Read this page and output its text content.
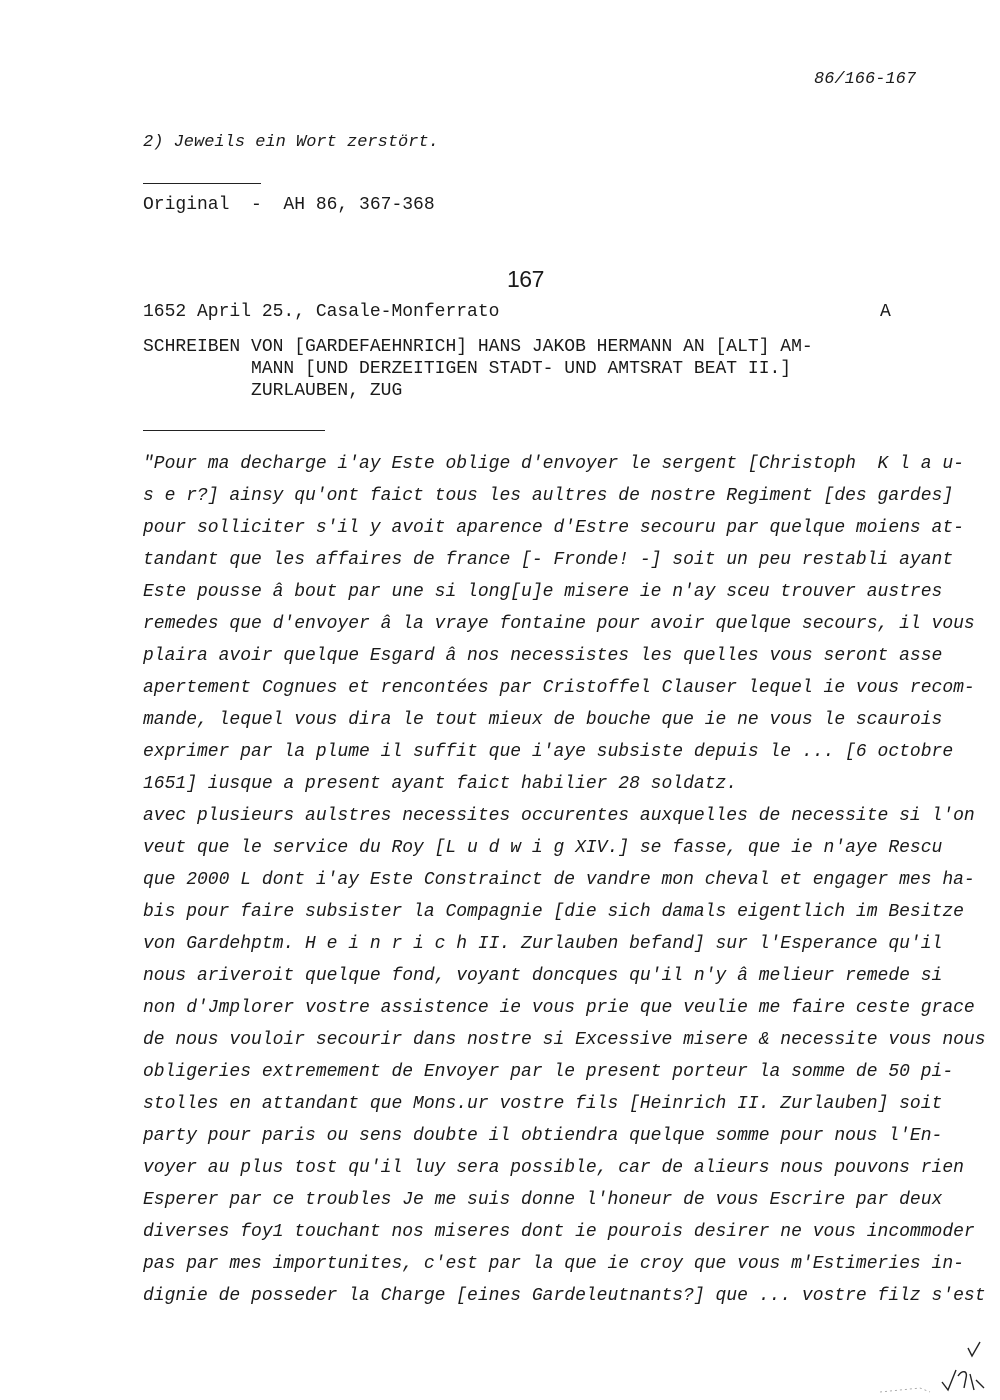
86/166-167
2) Jeweils ein Wort zerstört.
Original  -  AH 86, 367-368
167
1652 April 25., Casale-Monferrato	A
SCHREIBEN VON [GARDEFAEHNRICH] HANS JAKOB HERMANN AN [ALT] AM-
MANN [UND DERZEITIGEN STADT- UND AMTSRAT BEAT II.]
ZURLAUBEN, ZUG
"Pour ma decharge i'ay Este oblige d'envoyer le sergent [Christoph  K l a u-
s e r?] ainsy qu'ont faict tous les aultres de nostre Regiment [des gardes]
pour solliciter s'il y avoit aparence d'Estre secouru par quelque moiens at-
tandant que les affaires de france [- Fronde! -] soit un peu restabli ayant
Este pousse â bout par une si long[u]e misere ie n'ay sceu trouver austres
remedes que d'envoyer â la vraye fontaine pour avoir quelque secours, il vous
plaira avoir quelque Esgard â nos necessistes les quelles vous seront asse
apertement Cognues et rencontées par Cristoffel Clauser lequel ie vous recom-
mande, lequel vous dira le tout mieux de bouche que ie ne vous le scaurois
exprimer par la plume il suffit que i'aye subsiste depuis le ... [6 octobre
1651] iusque a present ayant faict habilier 28 soldatz.
avec plusieurs aulstres necessites occurentes auxquelles de necessite si l'on
veut que le service du Roy [L u d w i g XIV.] se fasse, que ie n'aye Rescu
que 2000 L dont i'ay Este Constrainct de vandre mon cheval et engager mes ha-
bis pour faire subsister la Compagnie [die sich damals eigentlich im Besitze
von Gardehptm. H e i n r i c h II. Zurlauben befand] sur l'Esperance qu'il
nous ariveroit quelque fond, voyant doncques qu'il n'y â melieur remede si
non d'Jmplorer vostre assistence ie vous prie que veulie me faire ceste grace
de nous vouloir secourir dans nostre si Excessive misere & necessite vous nous
obligeries extremement de Envoyer par le present porteur la somme de 50 pi-
stolles en attandant que Mons.ur vostre fils [Heinrich II. Zurlauben] soit
party pour paris ou sens doubte il obtiendra quelque somme pour nous l'En-
voyer au plus tost qu'il luy sera possible, car de alieurs nous pouvons rien
Esperer par ce troubles Je me suis donne l'honeur de vous Escrire par deux
diverses foy1 touchant nos miseres dont ie pourois desirer ne vous incommoder
pas par mes importunites, c'est par la que ie croy que vous m'Estimeries in-
dignie de posseder la Charge [eines Gardeleutnants?] que ... vostre filz s'est
